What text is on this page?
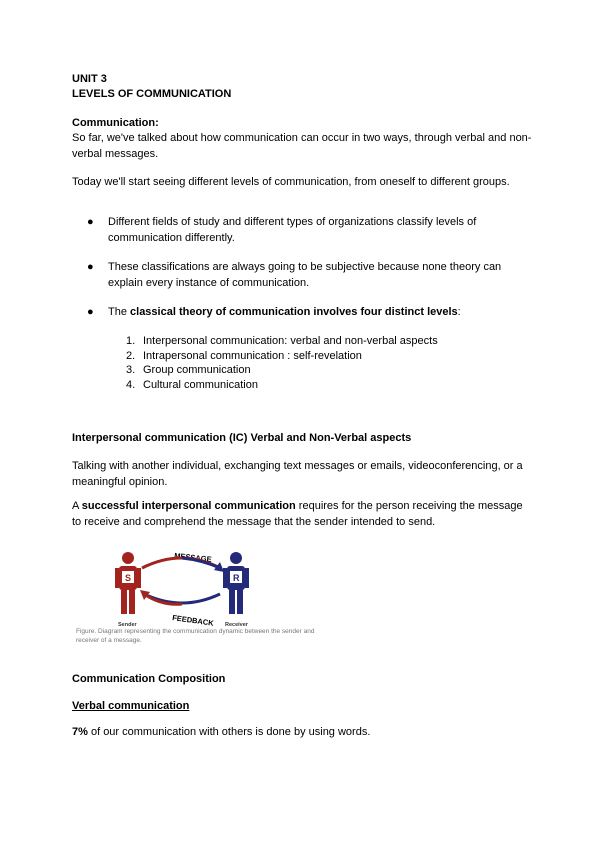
UNIT 3
LEVELS OF COMMUNICATION
Communication:
So far, we've talked about how communication can occur in two ways, through verbal and non-verbal messages.
Today we'll start seeing different levels of communication, from oneself to different groups.
● Different fields of study and different types of organizations classify levels of communication differently.
● These classifications are always going to be subjective because none theory can explain every instance of communication.
● The classical theory of communication involves four distinct levels:
1. Interpersonal communication: verbal and non-verbal aspects
2. Intrapersonal communication : self-revelation
3. Group communication
4. Cultural communication
Interpersonal communication (IC) Verbal and Non-Verbal aspects
Talking with another individual, exchanging text messages or emails, videoconferencing, or a meaningful opinion.
A successful interpersonal communication requires for the person receiving the message to receive and comprehend the message that the sender intended to send.
MESSAGE
FEEDBACK
S
Sender
R
Receiver
Figure. Diagram representing the communication dynamic between the sender and receiver of a message.
Communication Composition
Verbal communication
7% of our communication with others is done by using words.
